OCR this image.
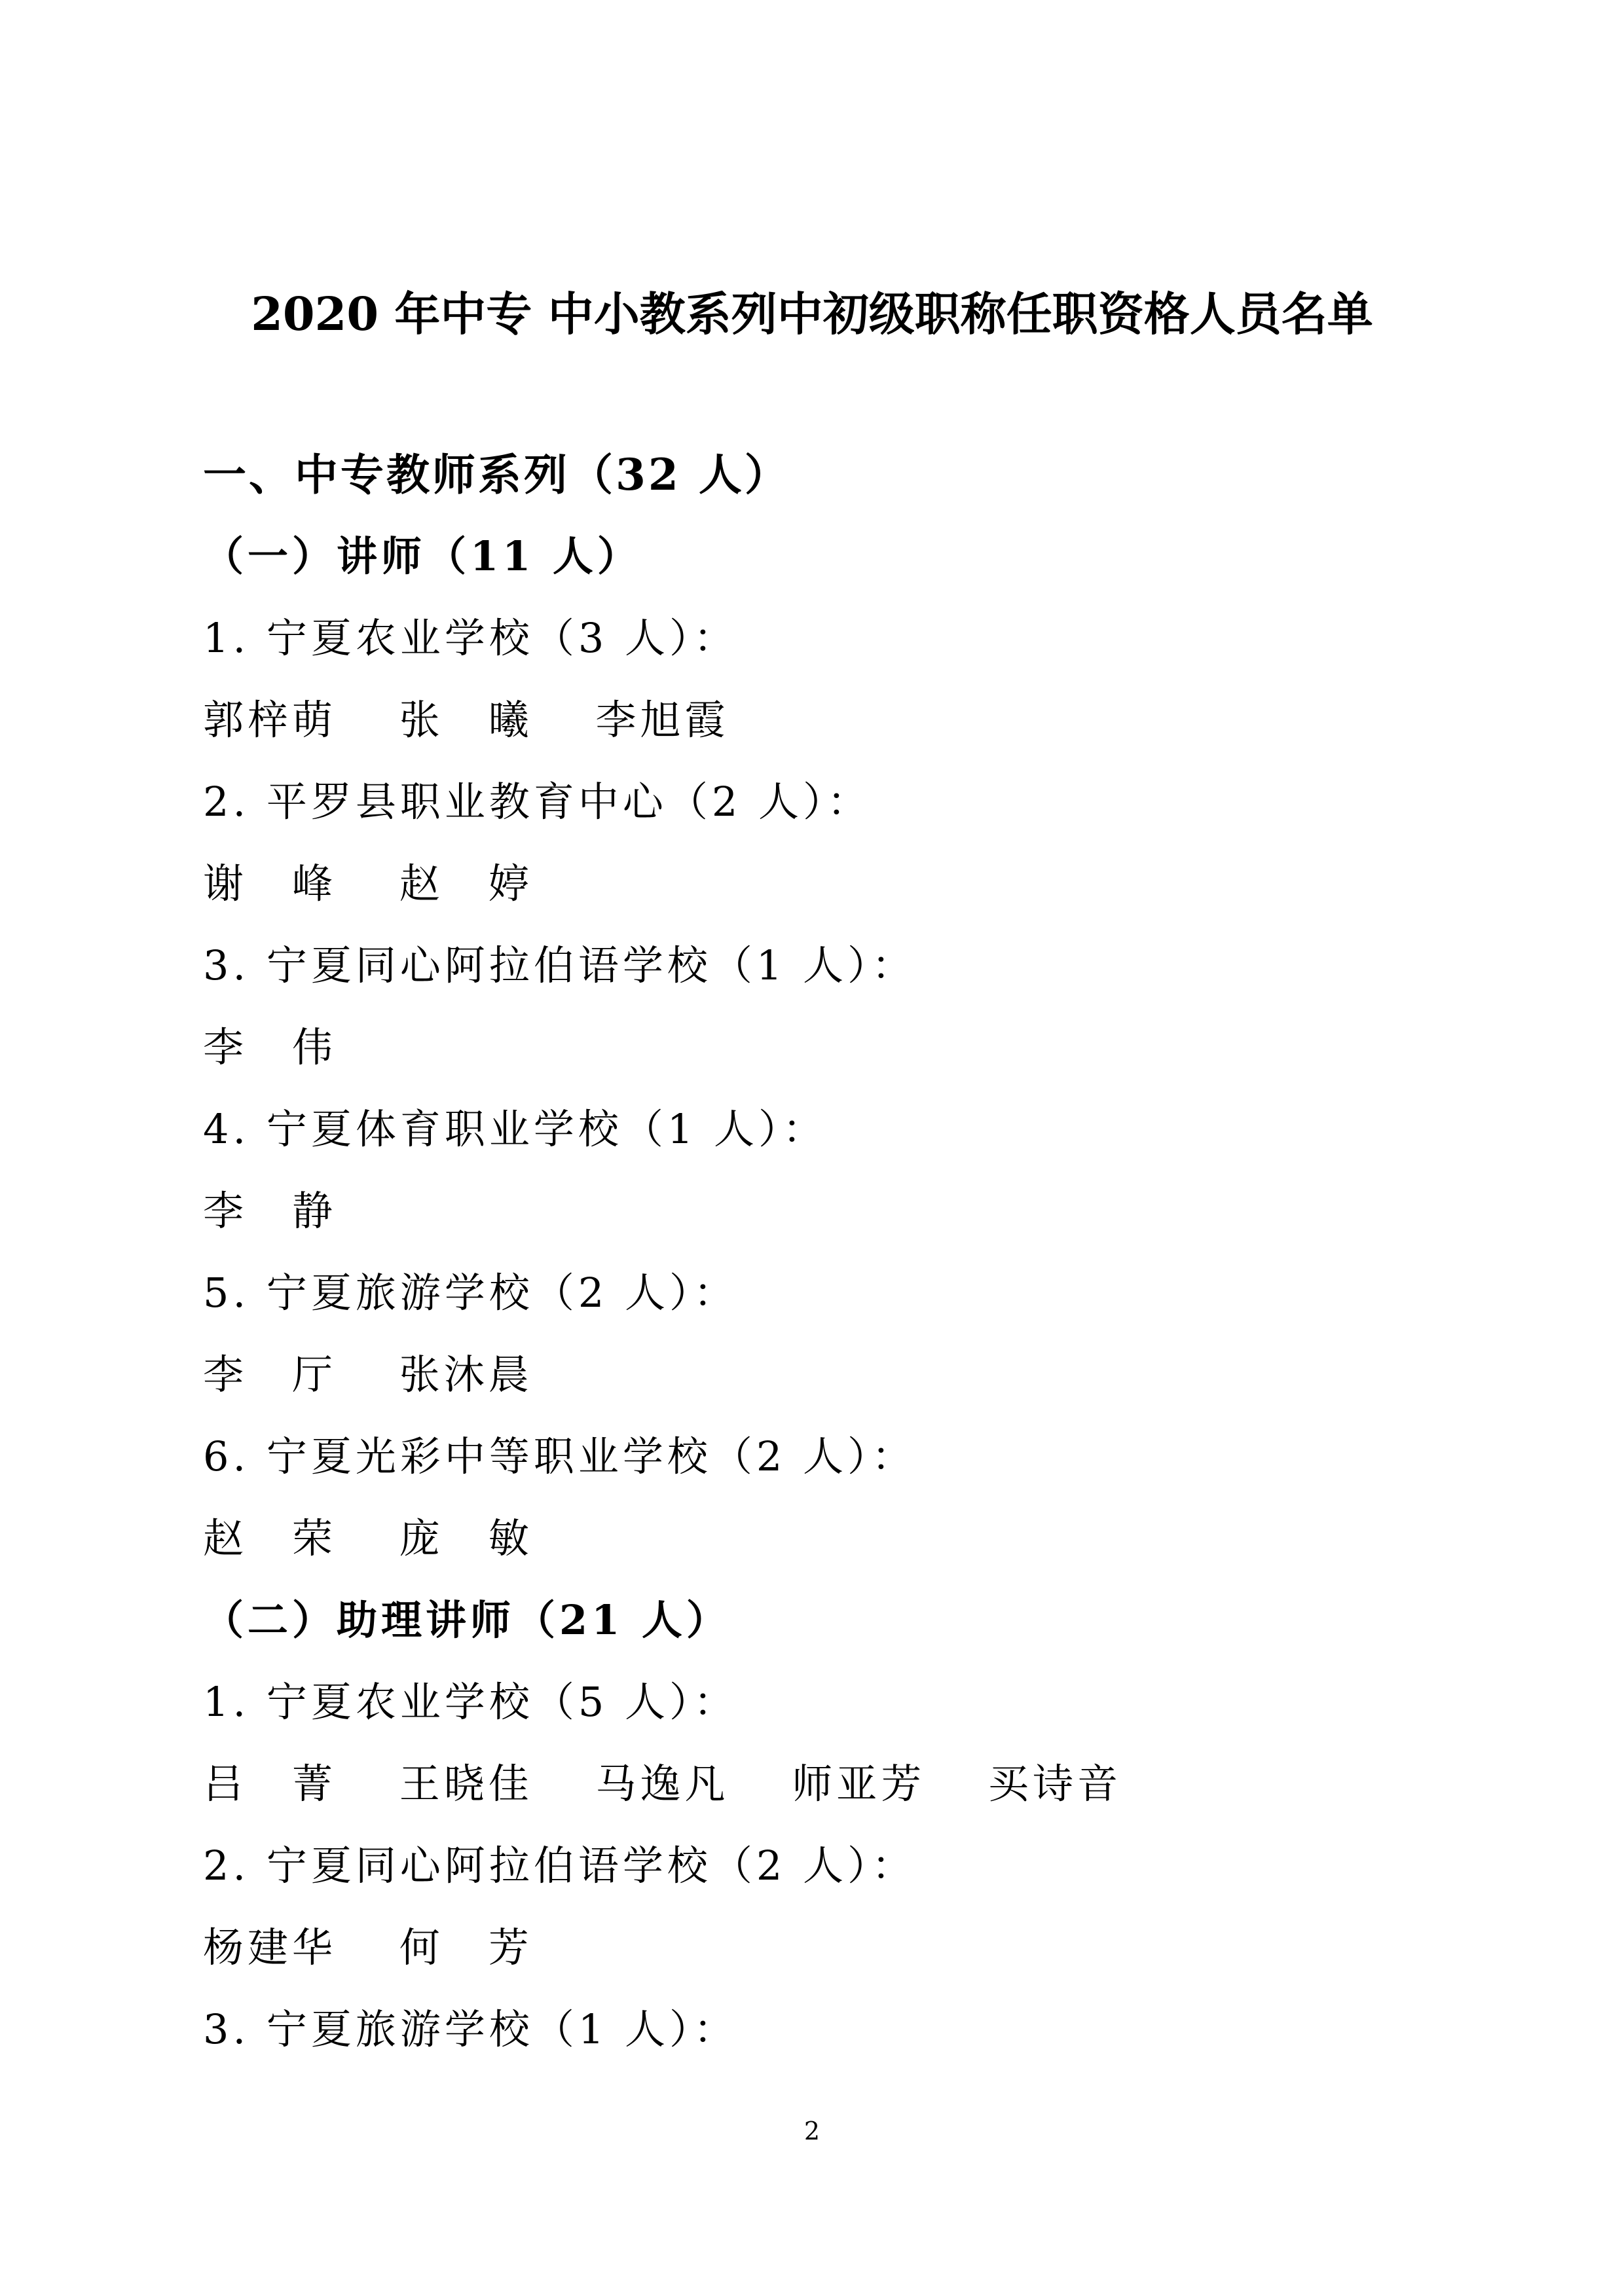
2020 年中专 中小教系列中初级职称任职资格人员名单
一、中专教师系列（32 人）
（一）讲师（11 人）
1. 宁夏农业学校（3 人）：
郭梓萌 张　曦 李旭霞
2. 平罗县职业教育中心（2 人）：
谢　峰 赵　婷
3. 宁夏同心阿拉伯语学校（1 人）：
李　伟
4. 宁夏体育职业学校（1 人）：
李　静
5. 宁夏旅游学校（2 人）：
李　厅 张沐晨
6. 宁夏光彩中等职业学校（2 人）：
赵　荣 庞　敏
（二）助理讲师（21 人）
1. 宁夏农业学校（5 人）：
吕　菁 王晓佳 马逸凡 师亚芳 买诗音
2. 宁夏同心阿拉伯语学校（2 人）：
杨建华 何　芳
3. 宁夏旅游学校（1 人）：
2
